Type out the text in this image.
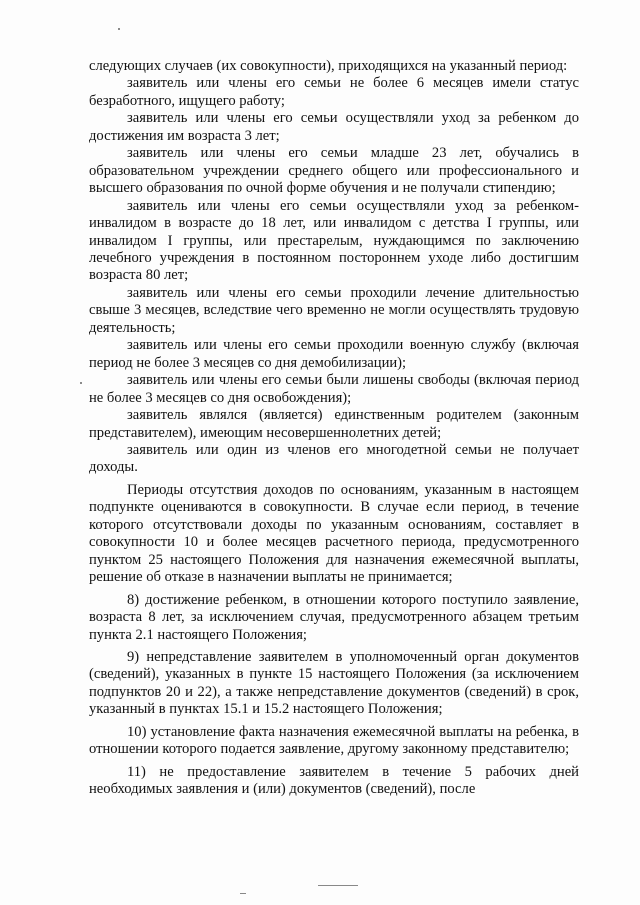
следующих случаев (их совокупности), приходящихся на указанный период:

заявитель или члены его семьи не более 6 месяцев имели статус безработного, ищущего работу;

заявитель или члены его семьи осуществляли уход за ребенком до достижения им возраста 3 лет;

заявитель или члены его семьи младше 23 лет, обучались в образовательном учреждении среднего общего или профессионального и высшего образования по очной форме обучения и не получали стипендию;

заявитель или члены его семьи осуществляли уход за ребенком-инвалидом в возрасте до 18 лет, или инвалидом с детства I группы, или инвалидом I группы, или престарелым, нуждающимся по заключению лечебного учреждения в постоянном постороннем уходе либо достигшим возраста 80 лет;

заявитель или члены его семьи проходили лечение длительностью свыше 3 месяцев, вследствие чего временно не могли осуществлять трудовую деятельность;

заявитель или члены его семьи проходили военную службу (включая период не более 3 месяцев со дня демобилизации);

заявитель или члены его семьи были лишены свободы (включая период не более 3 месяцев со дня освобождения);

заявитель являлся (является) единственным родителем (законным представителем), имеющим несовершеннолетних детей;

заявитель или один из членов его многодетной семьи не получает доходы.

Периоды отсутствия доходов по основаниям, указанным в настоящем подпункте оцениваются в совокупности. В случае если период, в течение которого отсутствовали доходы по указанным основаниям, составляет в совокупности 10 и более месяцев расчетного периода, предусмотренного пунктом 25 настоящего Положения для назначения ежемесячной выплаты, решение об отказе в назначении выплаты не принимается;

8) достижение ребенком, в отношении которого поступило заявление, возраста 8 лет, за исключением случая, предусмотренного абзацем третьим пункта 2.1 настоящего Положения;

9) непредставление заявителем в уполномоченный орган документов (сведений), указанных в пункте 15 настоящего Положения (за исключением подпунктов 20 и 22), а также непредставление документов (сведений) в срок, указанный в пунктах 15.1 и 15.2 настоящего Положения;

10) установление факта назначения ежемесячной выплаты на ребенка, в отношении которого подается заявление, другому законному представителю;

11) не предоставление заявителем в течение 5 рабочих дней необходимых заявления и (или) документов (сведений), после
